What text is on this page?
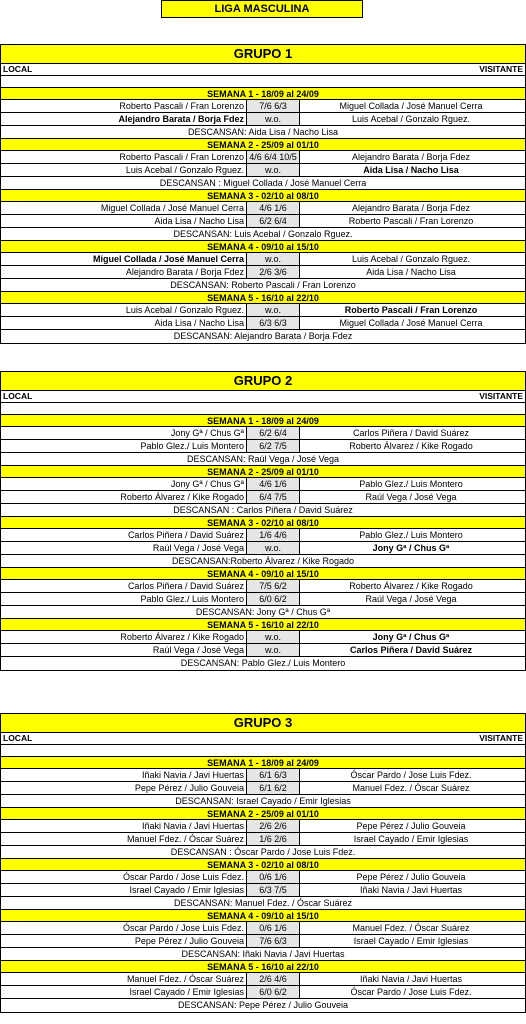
LIGA MASCULINA
GRUPO 1
LOCAL	VISITANTE
SEMANA 1 - 18/09 al 24/09
Roberto Pascali / Fran Lorenzo	7/6 6/3	Miguel Collada / José Manuel Cerra
Alejandro Barata / Borja Fdez	w.o.	Luis Acebal / Gonzalo Rguez.
DESCANSAN: Aida Lisa / Nacho Lisa
SEMANA 2 - 25/09 al 01/10
Roberto Pascali / Fran Lorenzo 4/6 6/4 10/5	Alejandro Barata / Borja Fdez
Luis Acebal / Gonzalo Rguez.	w.o.	Aida Lisa / Nacho Lisa
DESCANSAN : Miguel Collada / José Manuel Cerra
SEMANA 3 - 02/10 al 08/10
Miguel Collada / José Manuel Cerra	4/6 1/6	Alejandro Barata / Borja Fdez
Aida Lisa / Nacho Lisa	6/2 6/4	Roberto Pascali / Fran Lorenzo
DESCANSAN: Luis Acebal / Gonzalo Rguez.
SEMANA 4 - 09/10 al 15/10
Miguel Collada / José Manuel Cerra	w.o.	Luis Acebal / Gonzalo Rguez.
Alejandro Barata / Borja Fdez	2/6 3/6	Aida Lisa / Nacho Lisa
DESCANSAN: Roberto Pascali / Fran Lorenzo
SEMANA 5 - 16/10 al 22/10
Luis Acebal / Gonzalo Rguez.	w.o.	Roberto Pascali / Fran Lorenzo
Aida Lisa / Nacho Lisa	6/3 6/3	Miguel Collada / José Manuel Cerra
DESCANSAN: Alejandro Barata / Borja Fdez
GRUPO 2
LOCAL	VISITANTE
SEMANA 1 - 18/09 al 24/09
Jony Gª / Chus Gª	6/2 6/4	Carlos Piñera / David Suárez
Pablo Glez./ Luis Montero	6/2 7/5	Roberto Álvarez / Kike Rogado
DESCANSAN: Raúl Vega / José Vega
SEMANA 2 - 25/09 al 01/10
Jony Gª / Chus Gª	4/6 1/6	Pablo Glez./ Luis Montero
Roberto Álvarez / Kike Rogado	6/4 7/5	Raúl Vega / José Vega
DESCANSAN : Carlos Piñera / David Suárez
SEMANA 3 - 02/10 al 08/10
Carlos Piñera / David Suárez	1/6 4/6	Pablo Glez./ Luis Montero
Raúl Vega / José Vega	w.o.	Jony Gª / Chus Gª
DESCANSAN:Roberto Álvarez / Kike Rogado
SEMANA 4 - 09/10 al 15/10
Carlos Piñera / David Suárez	7/5 6/2	Roberto Álvarez / Kike Rogado
Pablo Glez./ Luis Montero	6/0 6/2	Raúl Vega / José Vega
DESCANSAN: Jony Gª / Chus Gª
SEMANA 5 - 16/10 al 22/10
Roberto Álvarez / Kike Rogado	w.o.	Jony Gª / Chus Gª
Raúl Vega / José Vega	w.o.	Carlos Piñera / David Suárez
DESCANSAN: Pablo Glez./ Luis Montero
GRUPO 3
LOCAL	VISITANTE
SEMANA 1 - 18/09 al 24/09
Iñaki Navia / Javi Huertas	6/1 6/3	Óscar Pardo / Jose Luis Fdez.
Pepe Pérez / Julio Gouveia	6/1 6/2	Manuel Fdez. / Óscar Suárez
DESCANSAN: Israel Cayado / Emir Iglesias
SEMANA 2 - 25/09 al 01/10
Iñaki Navia / Javi Huertas	2/6 2/6	Pepe Pérez / Julio Gouveia
Manuel Fdez. / Óscar Suárez	1/6 2/6	Israel Cayado / Emir Iglesias
DESCANSAN : Óscar Pardo / Jose Luis Fdez.
SEMANA 3 - 02/10 al 08/10
Óscar Pardo / Jose Luis Fdez.	0/6 1/6	Pepe Pérez / Julio Gouveia
Israel Cayado / Emir Iglesias	6/3 7/5	Iñaki Navia / Javi Huertas
DESCANSAN: Manuel Fdez. / Óscar Suárez
SEMANA 4 - 09/10 al 15/10
Óscar Pardo / Jose Luis Fdez.	0/6 1/6	Manuel Fdez. / Óscar Suárez
Pepe Pérez / Julio Gouveia	7/6 6/3	Israel Cayado / Emir Iglesias
DESCANSAN: Iñaki Navia / Javi Huertas
SEMANA 5 - 16/10 al 22/10
Manuel Fdez. / Óscar Suárez	2/6 4/6	Iñaki Navia / Javi Huertas
Israel Cayado / Emir Iglesias	6/0 6/2	Óscar Pardo / Jose Luis Fdez.
DESCANSAN: Pepe Pérez / Julio Gouveia
